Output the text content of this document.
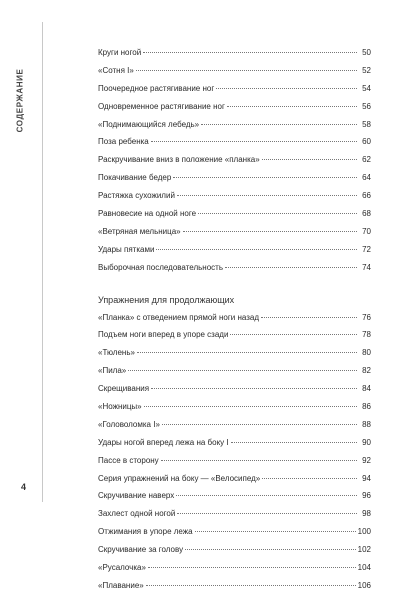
СОДЕРЖАНИЕ
4
Круги ногой	50
«Сотня I»	52
Поочередное растягивание ног	54
Одновременное растягивание ног	56
«Поднимающийся лебедь»	58
Поза ребенка	60
Раскручивание вниз в положение «планка»	62
Покачивание бедер	64
Растяжка сухожилий	66
Равновесие на одной ноге	68
«Ветряная мельница»	70
Удары пятками	72
Выборочная последовательность	74
Упражнения для продолжающих
«Планка» с отведением прямой ноги назад	76
Подъем ноги вперед в упоре сзади	78
«Тюлень»	80
«Пила»	82
Скрещивания	84
«Ножницы»	86
«Головоломка I»	88
Удары ногой вперед лежа на боку I	90
Пассе в сторону	92
Серия упражнений на боку — «Велосипед»	94
Скручивание наверх	96
Захлест одной ногой	98
Отжимания в упоре лежа	100
Скручивание за голову	102
«Русалочка»	104
«Плавание»	106
